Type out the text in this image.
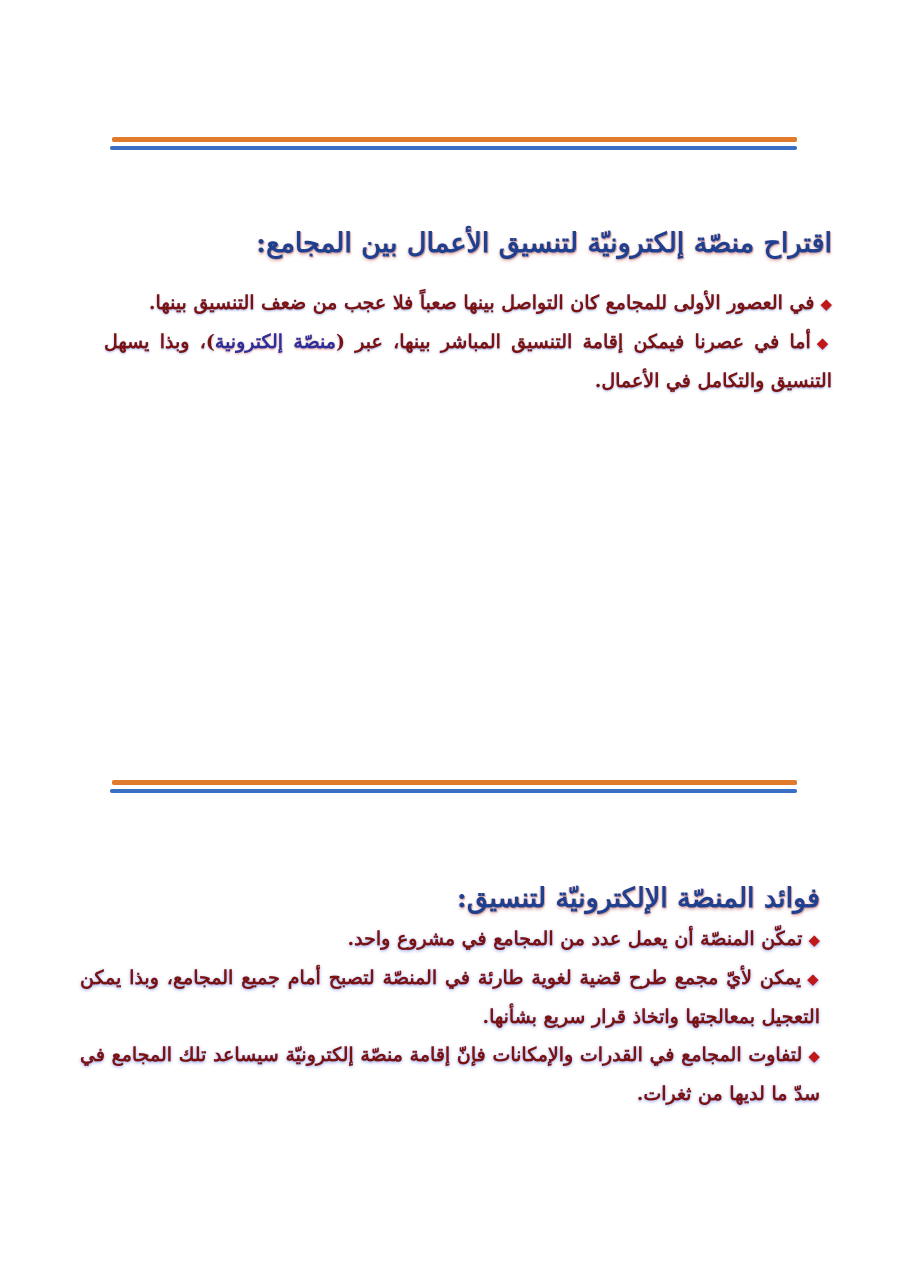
اقتراح منصّة إلكترونيّة لتنسيق الأعمال بين المجامع:

◆في العصور الأولى للمجامع كان التواصل بينها صعباً فلا عجب من ضعف التنسيق بينها.

◆أما في عصرنا فيمكن إقامة التنسيق المباشر بينها، عبر (منصّة إلكترونية)، وبذا يسهل التنسيق والتكامل في الأعمال.

فوائد المنصّة الإلكترونيّة لتنسيق:

◆تمكّن المنصّة أن يعمل عدد من المجامع في مشروع واحد.

◆يمكن لأيّ مجمع طرح قضية لغوية طارئة في المنصّة لتصبح أمام جميع المجامع، وبذا يمكن التعجيل بمعالجتها واتخاذ قرار سريع بشأنها.

◆لتفاوت المجامع في القدرات والإمكانات فإنّ إقامة منصّة إلكترونيّة سيساعد تلك المجامع في سدّ ما لديها من ثغرات.
